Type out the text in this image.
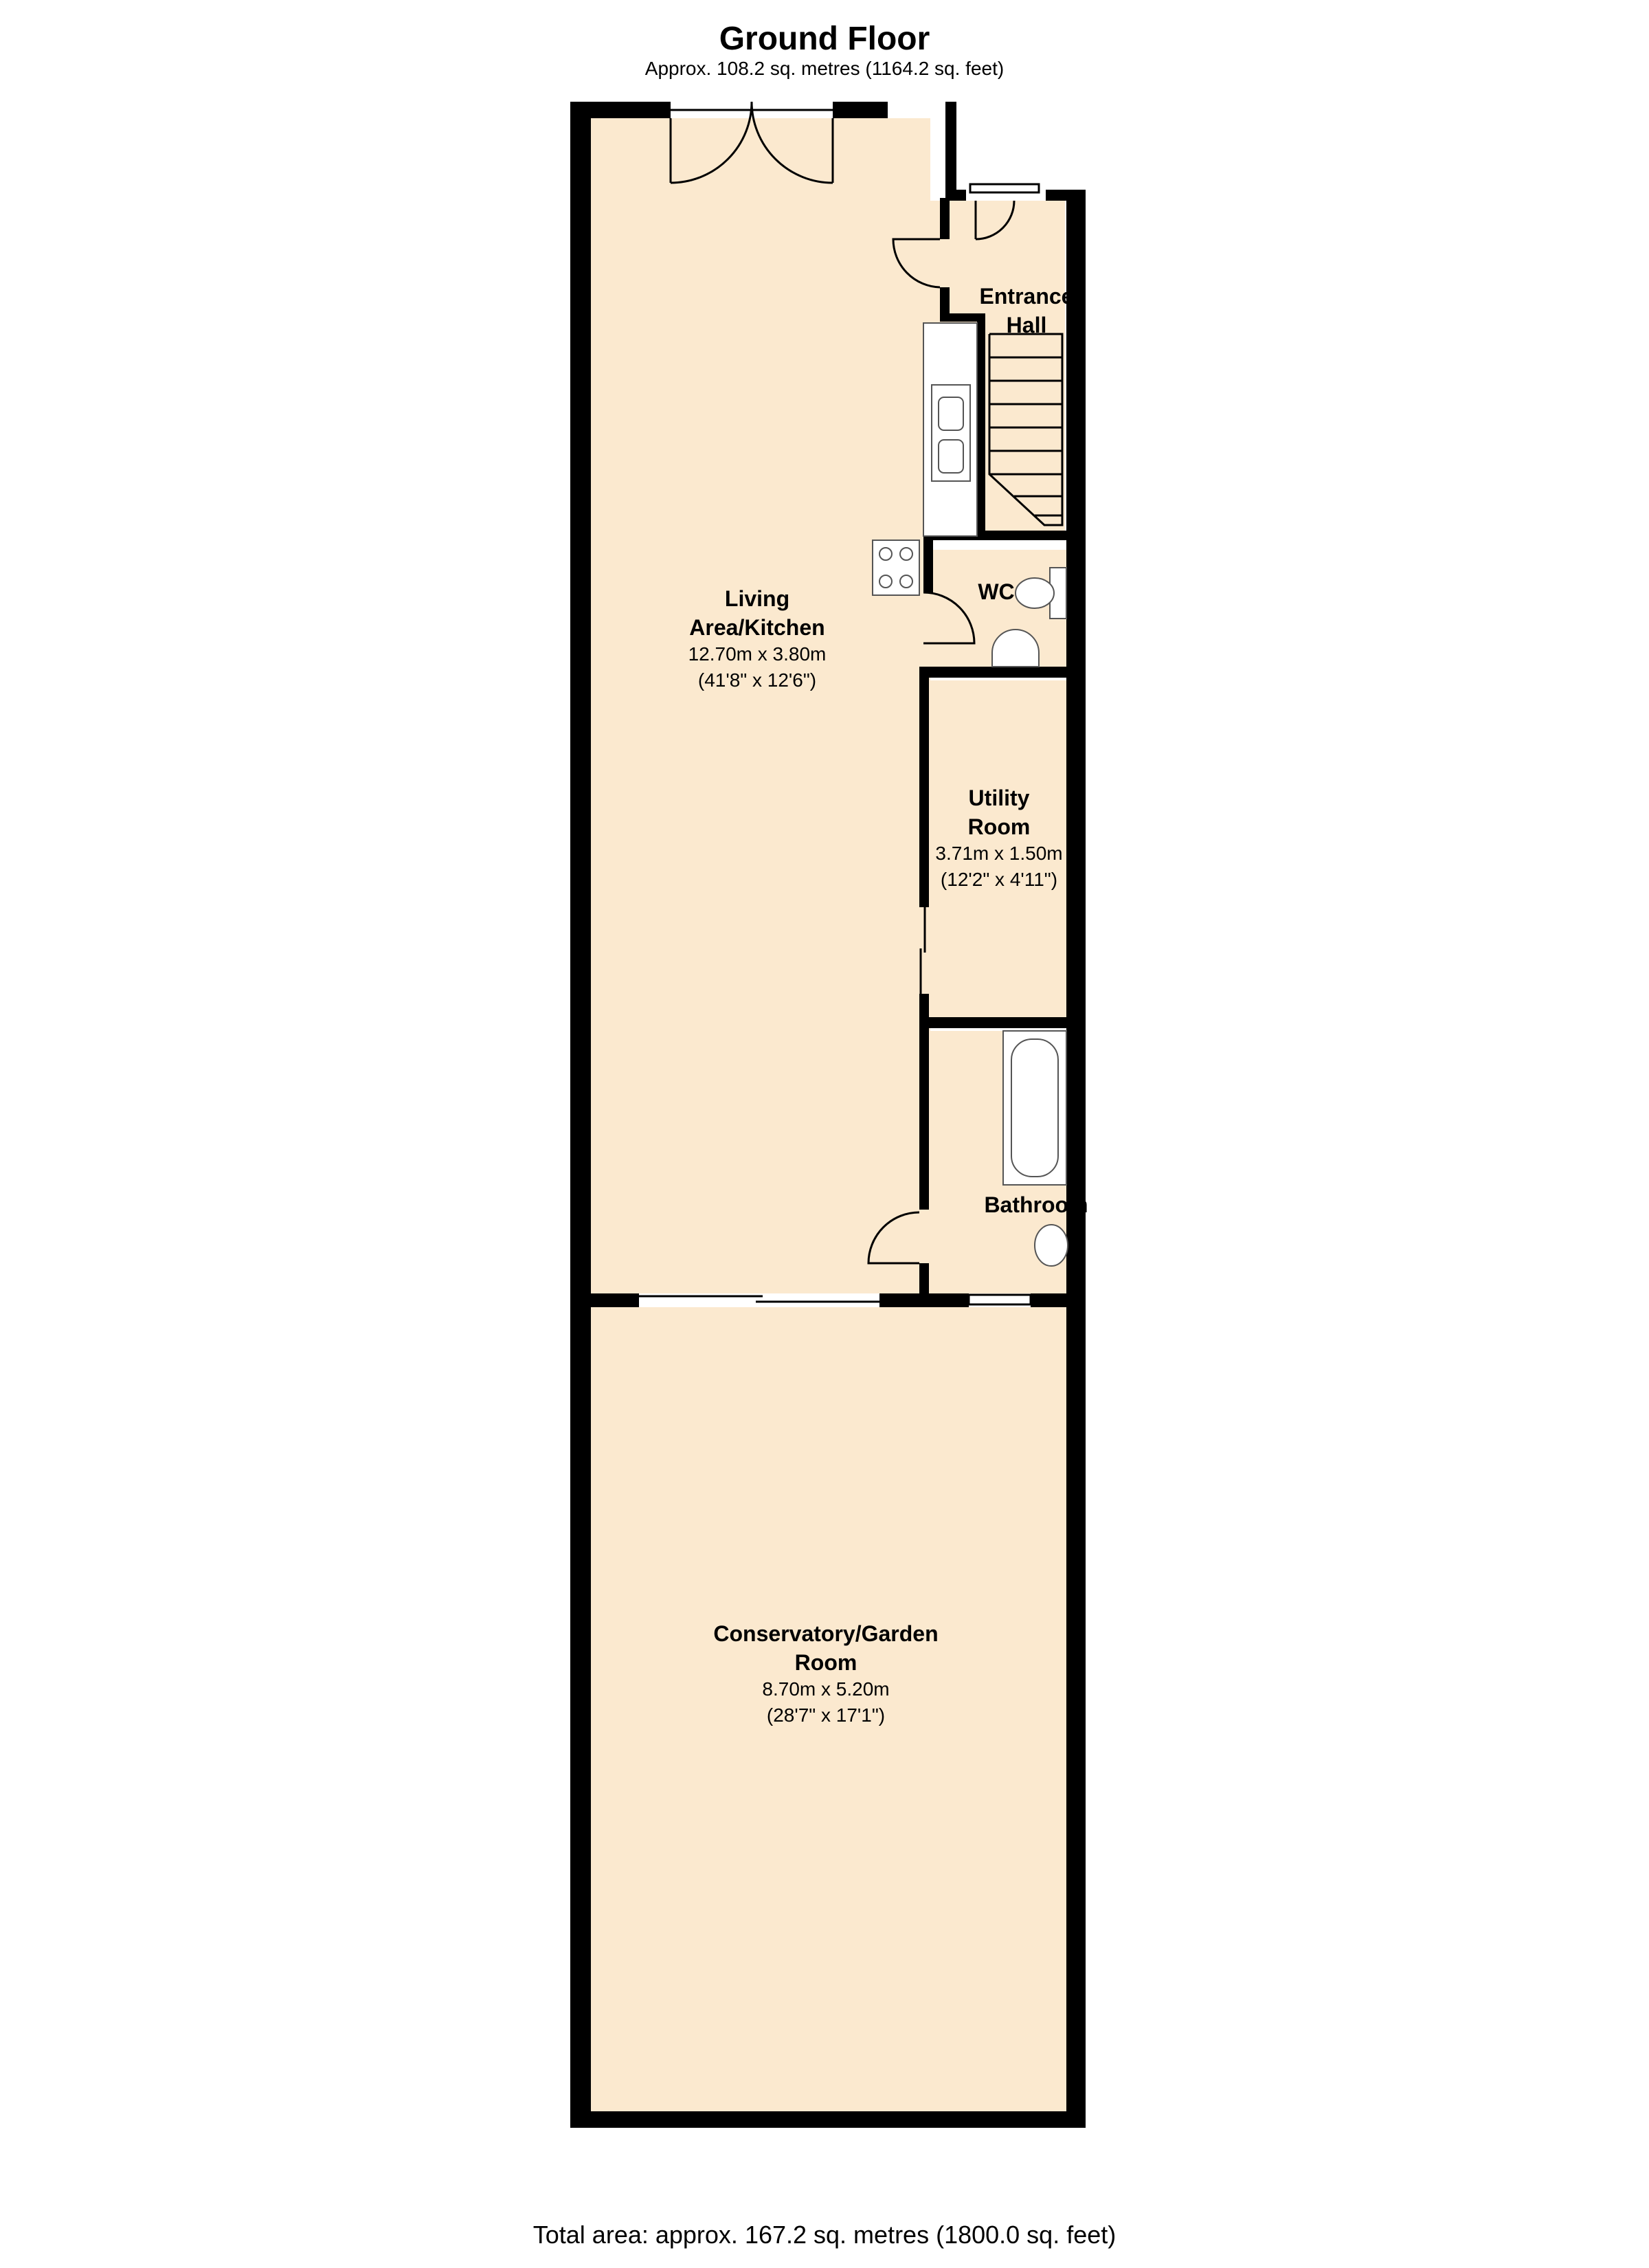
Ground Floor
Approx. 108.2 sq. metres (1164.2 sq. feet)
Living
Area/Kitchen
12.70m x 3.80m
(41'8" x 12'6")
Entrance
Hall
WC
Utility
Room
3.71m x 1.50m
(12'2" x 4'11")
Bathroom
Conservatory/Garden
Room
8.70m x 5.20m
(28'7" x 17'1")
Total area: approx. 167.2 sq. metres (1800.0 sq. feet)
